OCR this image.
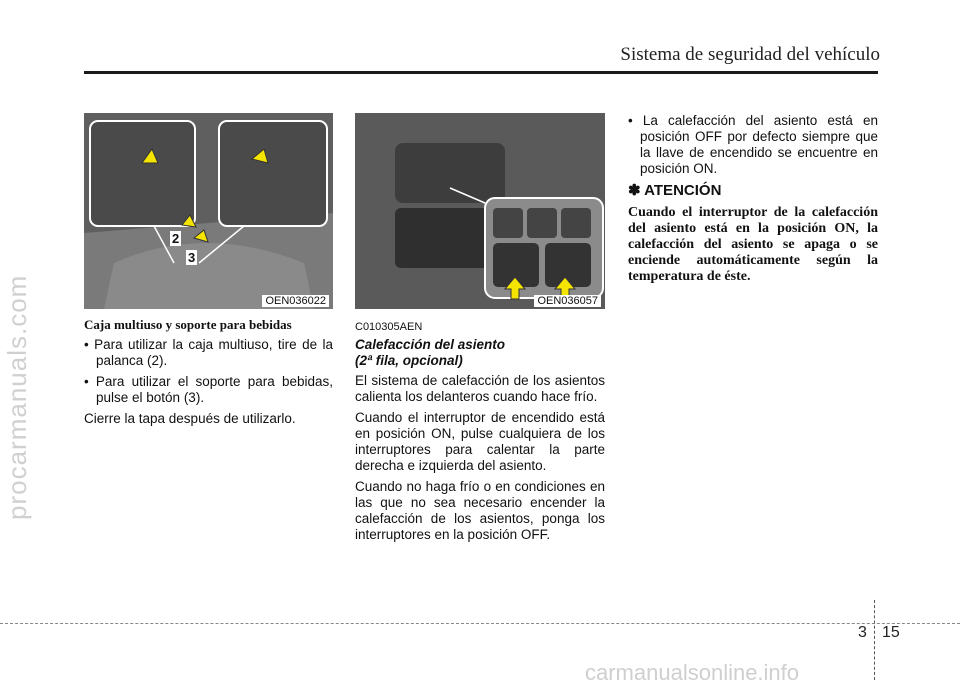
Sistema de seguridad del vehículo
procarmanuals.com
2
3
OEN036022	OEN036057
Caja multiuso y soporte para bebidas
• Para utilizar la caja multiuso, tire de la palanca (2).
• Para utilizar el soporte para bebidas, pulse el botón (3).

Cierre la tapa después de utilizarlo.

C010305AEN
Calefacción del asiento
(2ª fila, opcional)

El sistema de calefacción de los asientos calienta los delanteros cuando hace frío.

Cuando el interruptor de encendido está en posición ON, pulse cualquiera de los interruptores para calentar la parte derecha e izquierda del asiento.

Cuando no haga frío o en condiciones en las que no sea necesario encender la calefacción de los asientos, ponga los interruptores en la posición OFF.

• La calefacción del asiento está en posición OFF por defecto siempre que la llave de encendido se encuentre en posición ON.
✽ ATENCIÓN
Cuando el interruptor de la calefacción del asiento está en la posición ON, la calefacción del asiento se apaga o se enciende automáticamente según la temperatura de éste.
3 15
carmanualsonline.info
